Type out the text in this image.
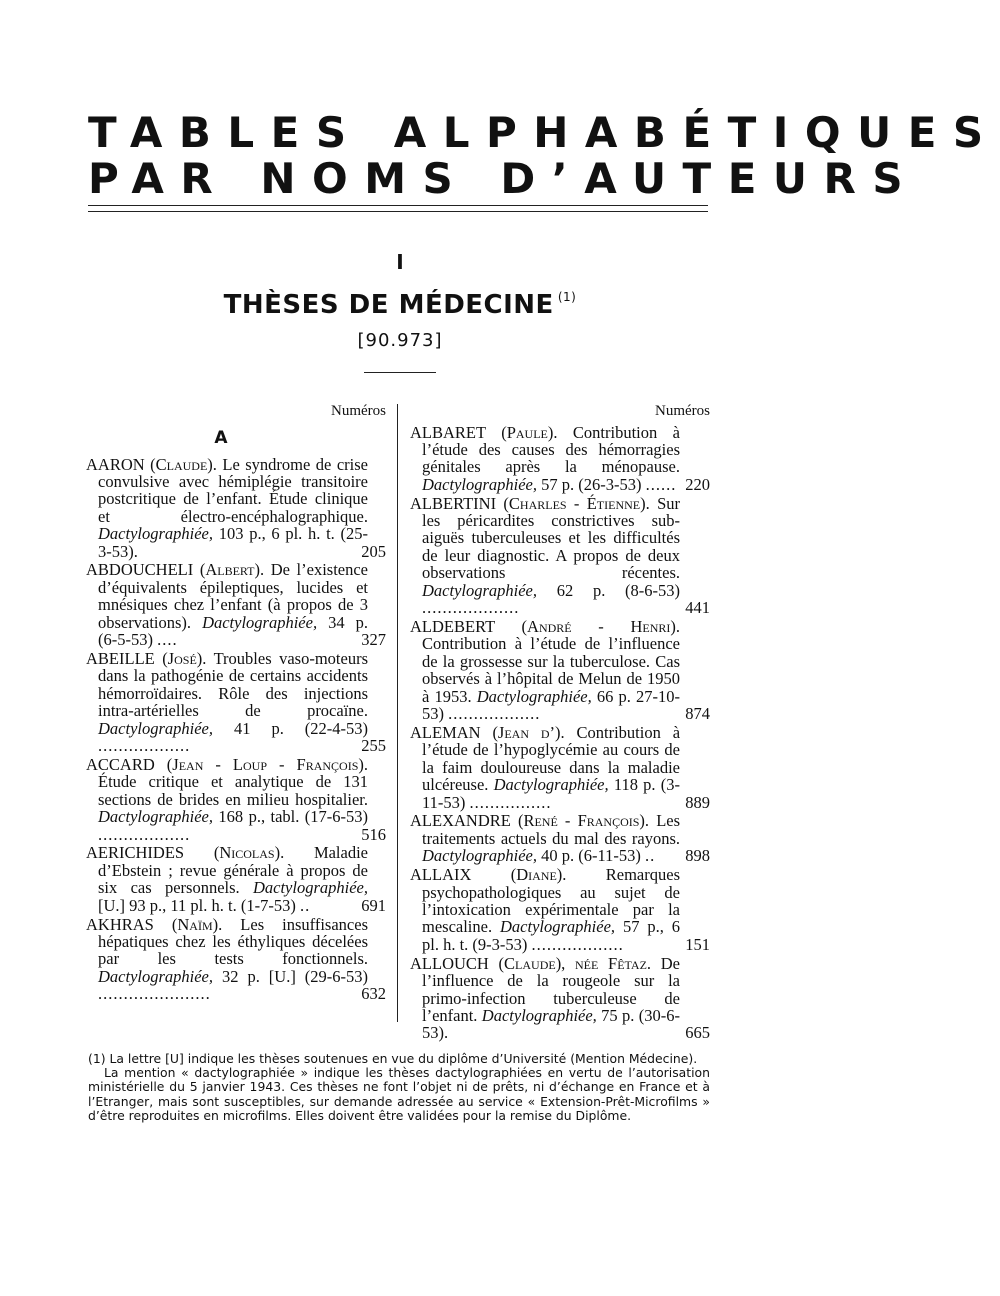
TABLES ALPHABÉTIQUES
PAR NOMS D’AUTEURS
I
THÈSES DE MÉDECINE $^{(1)}$
[90.973]
Numéros
A
AARON (Claude). Le syndrome de crise convulsive avec hémiplégie transitoire postcritique de l’enfant. Étude clinique et électro-encéphalographique. Dactylographiée, 103 p., 6 pl. h. t. (25-3-53).	205
ABDOUCHELI (Albert). De l’existence d’équivalents épileptiques, lucides et mnésiques chez l’enfant (à propos de 3 observations). Dactylographiée, 34 p. (6-5-53) ....	327
ABEILLE (José). Troubles vaso-moteurs dans la pathogénie de certains accidents hémorroïdaires. Rôle des injections intra-artérielles de procaïne. Dactylographiée, 41 p. (22-4-53) ..................	255
ACCARD (Jean - Loup - François). Étude critique et analytique de 131 sections de brides en milieu hospitalier. Dactylographiée, 168 p., tabl. (17-6-53) ..................	516
AERICHIDES (Nicolas). Maladie d’Ebstein ; revue générale à propos de six cas personnels. Dactylographiée, [U.] 93 p., 11 pl. h. t. (1-7-53) ..	691
AKHRAS (Naïm). Les insuffisances hépatiques chez les éthyliques décelées par les tests fonctionnels. Dactylographiée, 32 p. [U.] (29-6-53) ......................	632
Numéros
ALBARET (Paule). Contribution à l’étude des causes des hémorragies génitales après la ménopause. Dactylographiée, 57 p. (26-3-53) ...... 220
ALBERTINI (Charles - Étienne). Sur les péricardites constrictives sub-aiguës tuberculeuses et les difficultés de leur diagnostic. A propos de deux observations récentes. Dactylographiée, 62 p. (8-6-53) ...................	441
ALDEBERT (André - Henri). Contribution à l’étude de l’influence de la grossesse sur la tuberculose. Cas observés à l’hôpital de Melun de 1950 à 1953. Dactylographiée, 66 p. 27-10-53) ..................	874
ALEMAN (Jean d’). Contribution à l’étude de l’hypoglycémie au cours de la faim douloureuse dans la maladie ulcéreuse. Dactylographiée, 118 p. (3-11-53) ................	889
ALEXANDRE (René - François). Les traitements actuels du mal des rayons. Dactylographiée, 40 p. (6-11-53) ..	898
ALLAIX (Diane). Remarques psychopathologiques au sujet de l’intoxication expérimentale par la mescaline. Dactylographiée, 57 p., 6 pl. h. t. (9-3-53) ..................	151
ALLOUCH (Claude), née Fêtaz. De l’influence de la rougeole sur la primo-infection tuberculeuse de l’enfant. Dactylographiée, 75 p. (30-6-53).	665

(1) La lettre [U] indique les thèses soutenues en vue du diplôme d’Université (Mention Médecine).

La mention « dactylographiée » indique les thèses dactylographiées en vertu de l’autorisation ministérielle du 5 janvier 1943. Ces thèses ne font l’objet ni de prêts, ni d’échange en France et à l’Etranger, mais sont susceptibles, sur demande adressée au service « Extension-Prêt-Microfilms » d’être reproduites en microfilms. Elles doivent être validées pour la remise du Diplôme.
